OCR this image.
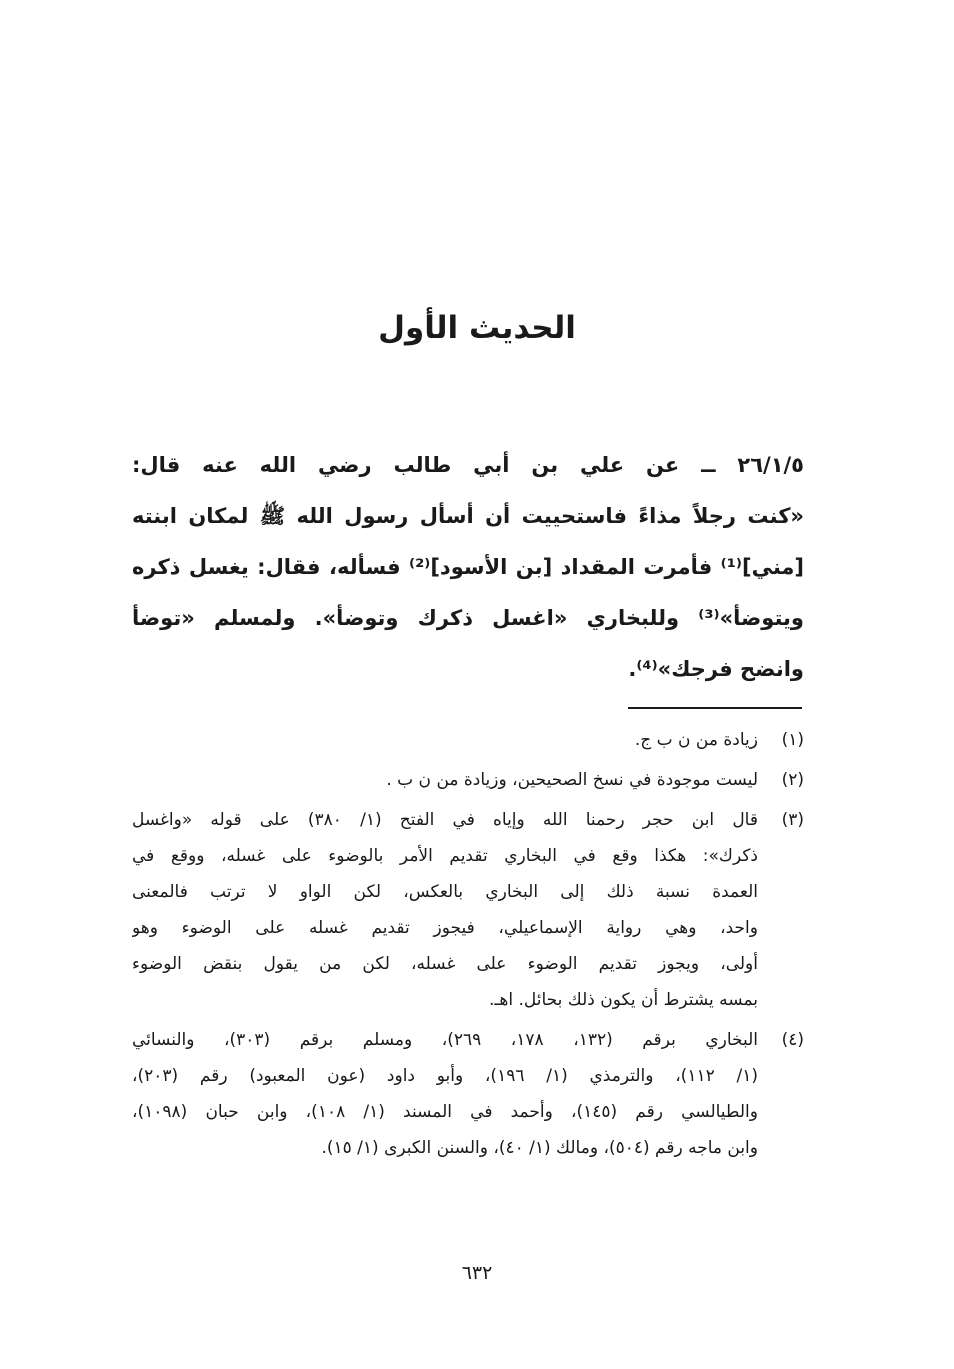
الحديث الأول
٢٦/١/٥ ــ عن علي بن أبي طالب رضي الله عنه قال:
«كنت رجلاً مذاءً فاستحييت أن أسأل رسول الله ﷺ لمكان ابنته
[مني]⁽¹⁾ فأمرت المقداد [بن الأسود]⁽²⁾ فسأله، فقال: يغسل ذكره
ويتوضأ»⁽³⁾ وللبخاري «اغسل ذكرك وتوضأ». ولمسلم «توضأ
وانضح فرجك»⁽⁴⁾.
(١)
زيادة من ن ب ج.
(٢)
ليست موجودة في نسخ الصحيحين، وزيادة من ن ب .
(٣)
قال ابن حجر رحمنا الله وإياه في الفتح (١/ ٣٨٠) على قوله «واغسل
ذكرك»: هكذا وقع في البخاري تقديم الأمر بالوضوء على غسله، ووقع في
العمدة نسبة ذلك إلى البخاري بالعكس، لكن الواو لا ترتب فالمعنى
واحد، وهي رواية الإسماعيلي، فيجوز تقديم غسله على الوضوء وهو
أولى، ويجوز تقديم الوضوء على غسله، لكن من يقول بنقض الوضوء
بمسه يشترط أن يكون ذلك بحائل. اهـ.
(٤)
البخاري برقم (١٣٢، ١٧٨، ٢٦٩)، ومسلم برقم (٣٠٣)، والنسائي
(١/ ١١٢)، والترمذي (١/ ١٩٦)، وأبو داود (عون المعبود) رقم (٢٠٣)،
والطيالسي رقم (١٤٥)، وأحمد في المسند (١/ ١٠٨)، وابن حبان (١٠٩٨)،
وابن ماجه رقم (٥٠٤)، ومالك (١/ ٤٠)، والسنن الكبرى (١/ ١٥).
٦٣٢
